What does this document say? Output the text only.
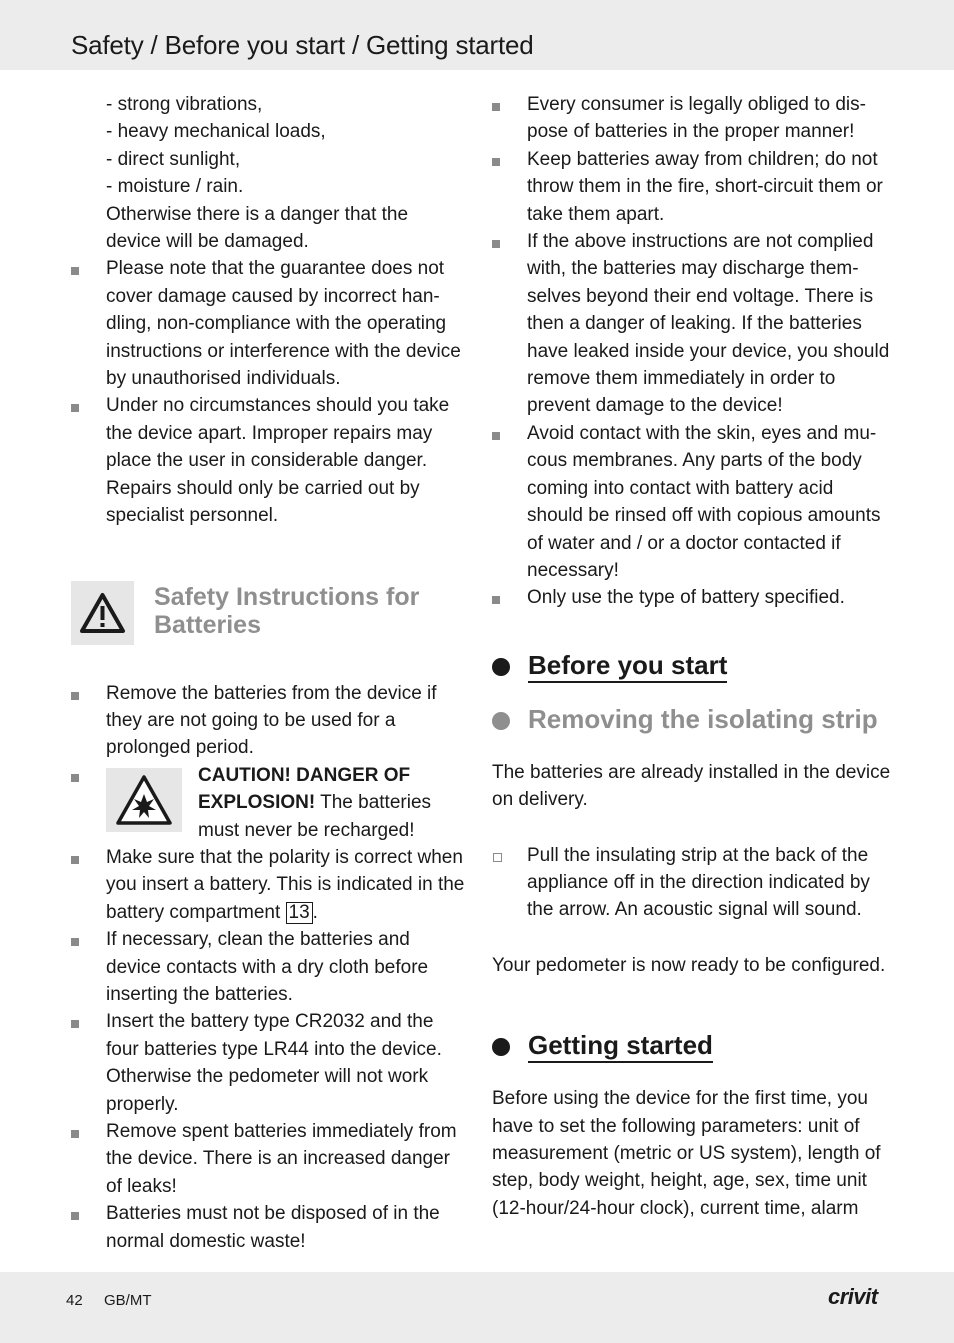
Safety / Before you start / Getting started
- strong vibrations,
- heavy mechanical loads,
- direct sunlight,
- moisture / rain.
Otherwise there is a danger that the device will be damaged.
Please note that the guarantee does not cover damage caused by incorrect han-dling, non-compliance with the operating instructions or interference with the device by unauthorised individuals.
Under no circumstances should you take the device apart. Improper repairs may place the user in considerable danger. Repairs should only be carried out by specialist personnel.
Safety Instructions for Batteries
Remove the batteries from the device if they are not going to be used for a prolonged period.
CAUTION! DANGER OF EXPLOSION! The batteries must never be recharged!
Make sure that the polarity is correct when you insert a battery. This is indicated in the battery compartment 13 .
If necessary, clean the batteries and device contacts with a dry cloth before inserting the batteries.
Insert the battery type CR2032 and the four batteries type LR44 into the device. Otherwise the pedometer will not work properly.
Remove spent batteries immediately from the device. There is an increased danger of leaks!
Batteries must not be disposed of in the normal domestic waste!
Every consumer is legally obliged to dis-pose of batteries in the proper manner!
Keep batteries away from children; do not throw them in the fire, short-circuit them or take them apart.
If the above instructions are not complied with, the batteries may discharge them-selves beyond their end voltage. There is then a danger of leaking. If the batteries have leaked inside your device, you should remove them immediately in order to prevent damage to the device!
Avoid contact with the skin, eyes and mu-cous membranes. Any parts of the body coming into contact with battery acid should be rinsed off with copious amounts of water and / or a doctor contacted if necessary!
Only use the type of battery specified.
Before you start
Removing the isolating strip
The batteries are already installed in the device on delivery.
Pull the insulating strip at the back of the appliance off in the direction indicated by the arrow. An acoustic signal will sound.
Your pedometer is now ready to be configured.
Getting started
Before using the device for the first time, you have to set the following parameters: unit of measurement (metric or US system), length of step, body weight, height, age, sex, time unit (12-hour/24-hour clock), current time, alarm
42 GB/MT	crivit
